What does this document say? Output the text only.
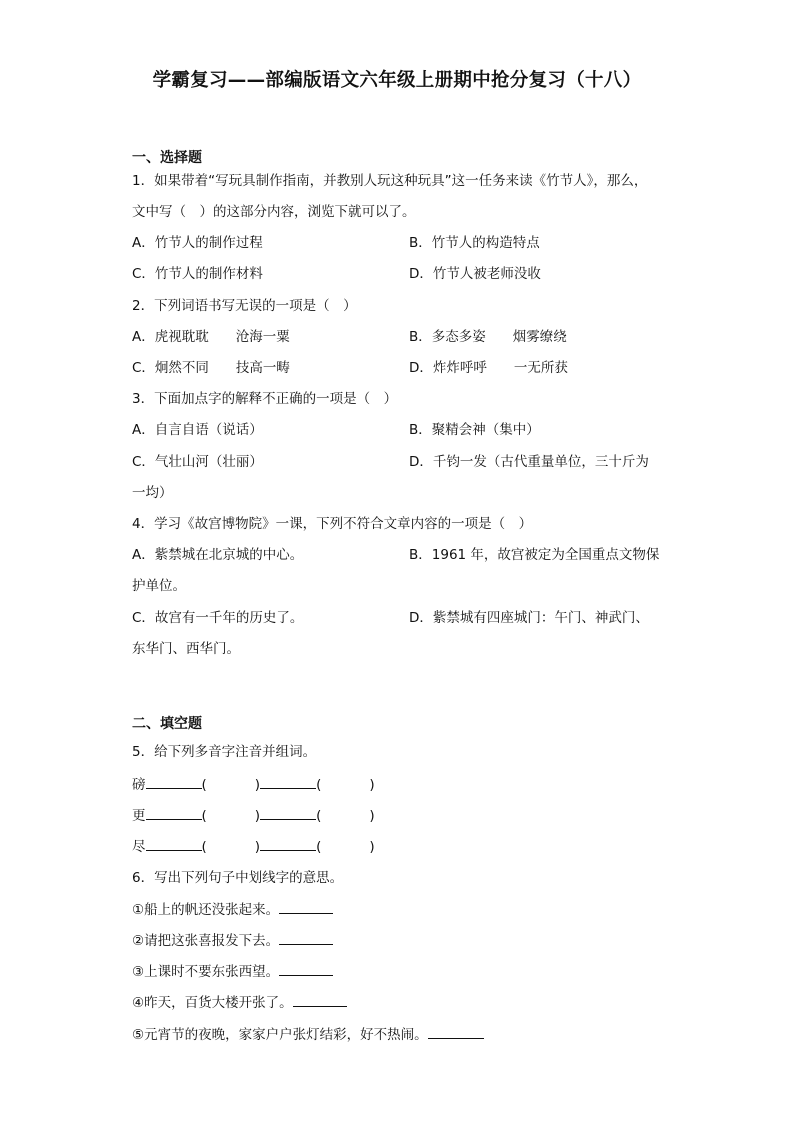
学霸复习——部编版语文六年级上册期中抢分复习（十八）
一、选择题
1．如果带着“写玩具制作指南，并教别人玩这种玩具”这一任务来读《竹节人》，那么，
文中写（　）的这部分内容，浏览下就可以了。
A．竹节人的制作过程	B．竹节人的构造特点
C．竹节人的制作材料	D．竹节人被老师没收
2．下列词语书写无误的一项是（　）
A．虎视耽耽　　沧海一粟	B．多态多姿　　烟雾缭绕
C．炯然不同　　技高一畴	D．炸炸呼呼　　一无所获
3．下面加点字的解释不正确的一项是（　）
A．自言自语（说话）	B．聚精会神（集中）
C．气壮山河（壮丽）	D．千钧一发（古代重量单位，三十斤为
一均）
4．学习《故宫博物院》一课，下列不符合文章内容的一项是（　）
A．紫禁城在北京城的中心。	B．1961 年，故宫被定为全国重点文物保
护单位。
C．故宫有一千年的历史了。	D．紫禁城有四座城门：午门、神武门、
东华门、西华门。
二、填空题
5．给下列多音字注音并组词。
磅	(	)	(	)
更	(	)	(	)
尽	(	)	(	)
6．写出下列句子中划线字的意思。
①船上的帆还没张起来。
②请把这张喜报发下去。
③上课时不要东张西望。
④昨天，百货大楼开张了。
⑤元宵节的夜晚，家家户户张灯结彩，好不热闹。
